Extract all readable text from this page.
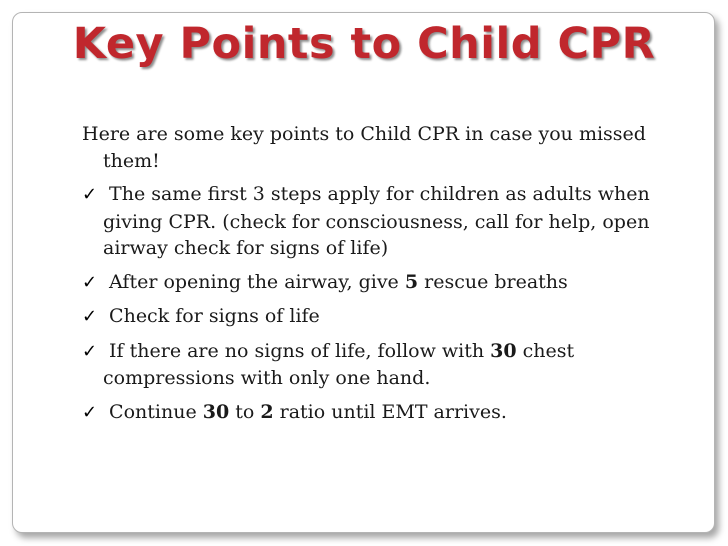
Key Points to Child CPR

Here are some key points to Child CPR in case you missed them!

✓ The same first 3 steps apply for children as adults when giving CPR. (check for consciousness, call for help, open airway check for signs of life)

✓ After opening the airway, give 5 rescue breaths

✓ Check for signs of life

✓ If there are no signs of life, follow with 30 chest compressions with only one hand.

✓ Continue 30 to 2 ratio until EMT arrives.
